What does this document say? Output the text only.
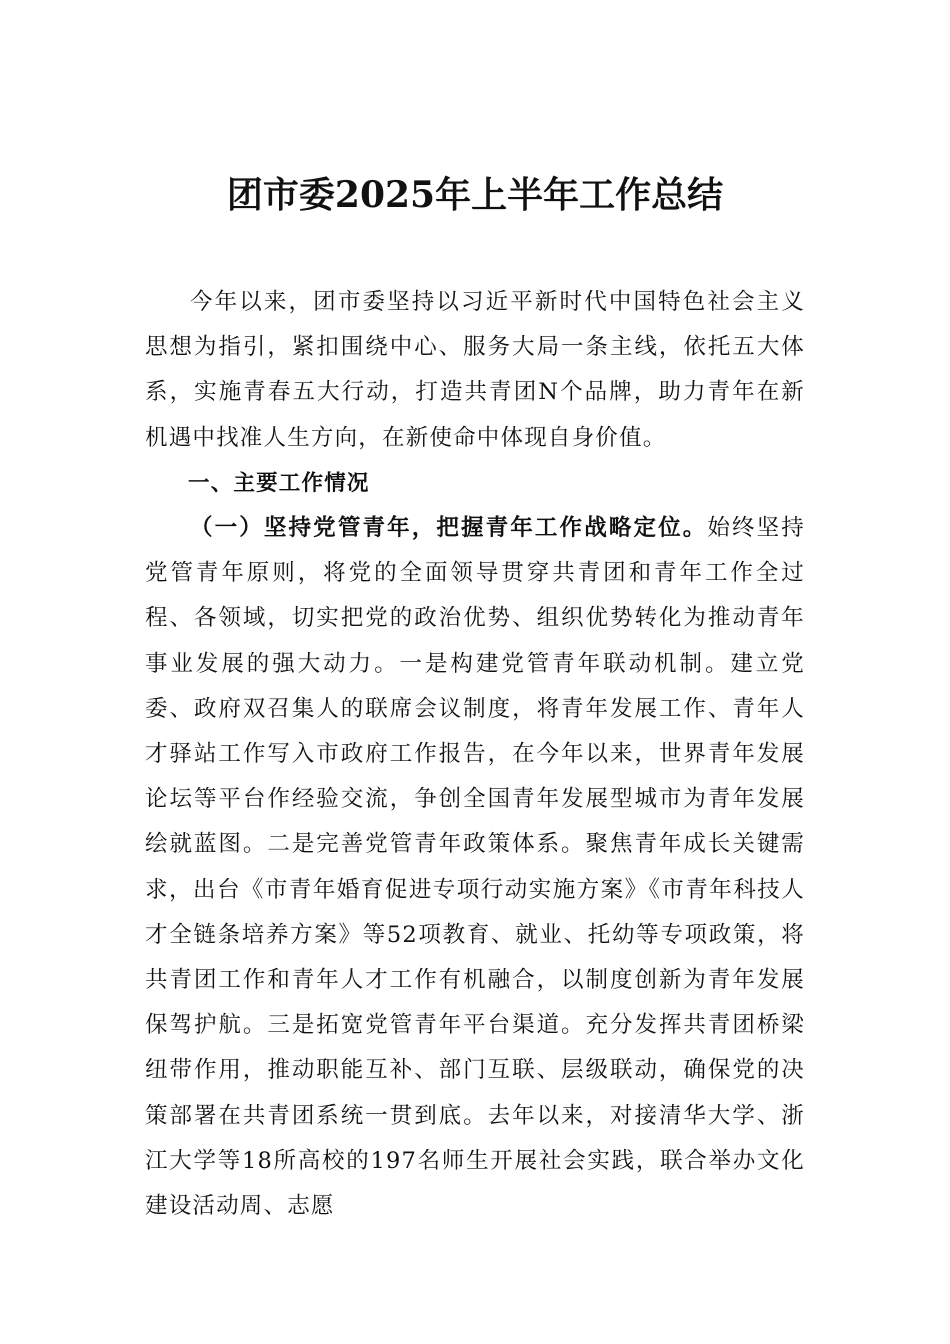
团市委2025年上半年工作总结

今年以来，团市委坚持以习近平新时代中国特色社会主义思想为指引，紧扣围绕中心、服务大局一条主线，依托五大体系，实施青春五大行动，打造共青团N个品牌，助力青年在新机遇中找准人生方向，在新使命中体现自身价值。

一、主要工作情况

（一）坚持党管青年，把握青年工作战略定位。始终坚持党管青年原则，将党的全面领导贯穿共青团和青年工作全过程、各领域，切实把党的政治优势、组织优势转化为推动青年事业发展的强大动力。一是构建党管青年联动机制。建立党委、政府双召集人的联席会议制度，将青年发展工作、青年人才驿站工作写入市政府工作报告，在今年以来，世界青年发展论坛等平台作经验交流，争创全国青年发展型城市为青年发展绘就蓝图。二是完善党管青年政策体系。聚焦青年成长关键需求，出台《市青年婚育促进专项行动实施方案》《市青年科技人才全链条培养方案》等52项教育、就业、托幼等专项政策，将共青团工作和青年人才工作有机融合，以制度创新为青年发展保驾护航。三是拓宽党管青年平台渠道。充分发挥共青团桥梁纽带作用，推动职能互补、部门互联、层级联动，确保党的决策部署在共青团系统一贯到底。去年以来，对接清华大学、浙江大学等18所高校的197名师生开展社会实践，联合举办文化建设活动周、志愿
